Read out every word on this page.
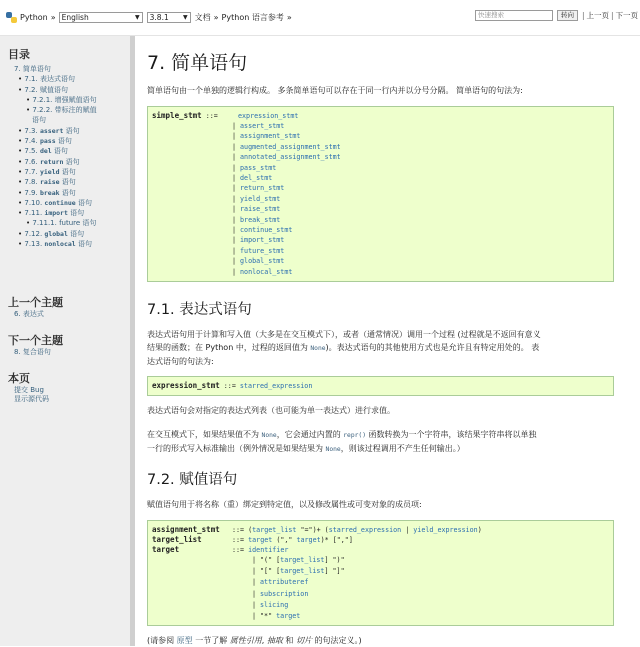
Python » English	▼ 3.8.1 ▼ 文档 » Python 语言参考 »	快速搜索	转向	| 上一页 | 下一页
目录
7. 简单语句
• 7.1. 表达式语句
• 7.2. 赋值语句
• 7.2.1. 增强赋值语句
• 7.2.2. 带标注的赋值
语句
• 7.3. assert 语句
• 7.4. pass 语句
• 7.5. del 语句
• 7.6. return 语句
• 7.7. yield 语句
• 7.8. raise 语句
• 7.9. break 语句
• 7.10. continue 语句
• 7.11. import 语句
• 7.11.1. future 语句
• 7.12. global 语句
• 7.13. nonlocal 语句
上一个主题
6. 表达式
下一个主题
8. 复合语句
本页
提交 Bug
显示源代码
7. 简单语句

简单语句由一个单独的逻辑行构成。 多条简单语句可以存在于同一行内并以分号分隔。 简单语句的句法为:

simple_stmt ::=	expression_stmt
| assert_stmt
| assignment_stmt
| augmented_assignment_stmt
| annotated_assignment_stmt
| pass_stmt
| del_stmt
| return_stmt
| yield_stmt
| raise_stmt
| break_stmt
| continue_stmt
| import_stmt
| future_stmt
| global_stmt
| nonlocal_stmt
7.1. 表达式语句

表达式语句用于计算和写入值（大多是在交互模式下），或者（通常情况）调用一个过程 (过程就是不返回有意义
结果的函数；在 Python 中，过程的返回值为 None)。表达式语句的其他使用方式也是允许且有特定用处的。 表
达式语句的句法为:

expression_stmt ::= starred_expression

表达式语句会对指定的表达式列表（也可能为单一表达式）进行求值。

在交互模式下，如果结果值不为 None，它会通过内置的 repr() 函数转换为一个字符串，该结果字符串将以单独
一行的形式写入标准输出（例外情况是如果结果为 None，则该过程调用不产生任何输出。）

7.2. 赋值语句

赋值语句用于将名称（重）绑定到特定值，以及修改属性或可变对象的成员项:

assignment_stmt ::= (target_list "=")+ (starred_expression | yield_expression)
target_list	::= target ("," target)* [","]
target	::= identifier
| "(" [target_list] ")"
| "[" [target_list] "]"
| attributeref
| subscription
| slicing
| "*" target

(请参阅 原型 一节了解 属性引用, 抽取 和 切片 的句法定义。)
